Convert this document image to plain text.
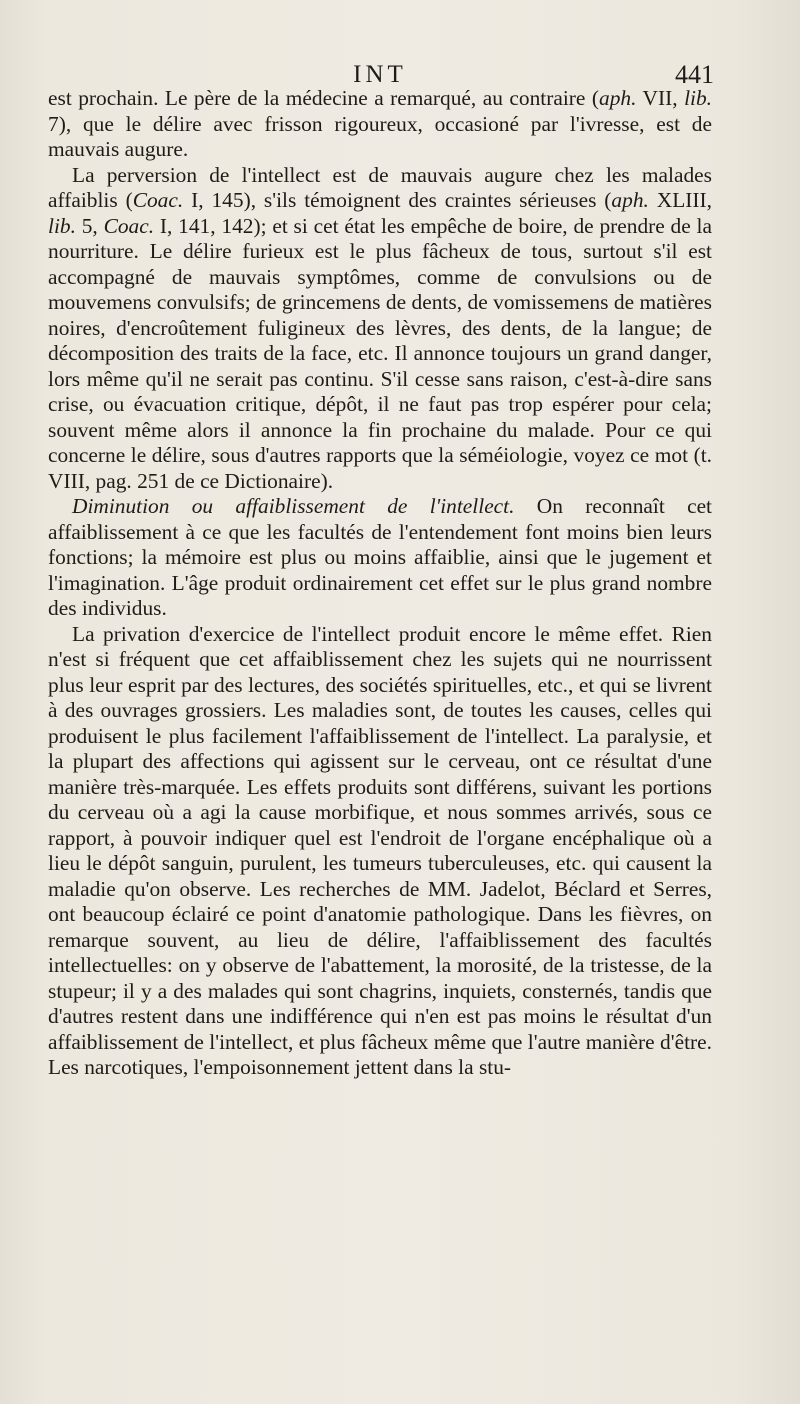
INT	441

est prochain. Le père de la médecine a remarqué, au contraire (aph. VII, lib. 7), que le délire avec frisson rigoureux, occasioné par l'ivresse, est de mauvais augure.

La perversion de l'intellect est de mauvais augure chez les malades affaiblis (Coac. I, 145), s'ils témoignent des craintes sérieuses (aph. XLIII, lib. 5, Coac. I, 141, 142); et si cet état les empêche de boire, de prendre de la nourriture. Le délire furieux est le plus fâcheux de tous, surtout s'il est accompagné de mauvais symptômes, comme de convulsions ou de mouvemens convulsifs; de grincemens de dents, de vomissemens de matières noires, d'encroûtement fuligineux des lèvres, des dents, de la langue; de décomposition des traits de la face, etc. Il annonce toujours un grand danger, lors même qu'il ne serait pas continu. S'il cesse sans raison, c'est-à-dire sans crise, ou évacuation critique, dépôt, il ne faut pas trop espérer pour cela; souvent même alors il annonce la fin prochaine du malade. Pour ce qui concerne le délire, sous d'autres rapports que la séméiologie, voyez ce mot (t. VIII, pag. 251 de ce Dictionaire).

Diminution ou affaiblissement de l'intellect. On reconnaît cet affaiblissement à ce que les facultés de l'entendement font moins bien leurs fonctions; la mémoire est plus ou moins affaiblie, ainsi que le jugement et l'imagination. L'âge produit ordinairement cet effet sur le plus grand nombre des individus.

La privation d'exercice de l'intellect produit encore le même effet. Rien n'est si fréquent que cet affaiblissement chez les sujets qui ne nourrissent plus leur esprit par des lectures, des sociétés spirituelles, etc., et qui se livrent à des ouvrages grossiers. Les maladies sont, de toutes les causes, celles qui produisent le plus facilement l'affaiblissement de l'intellect. La paralysie, et la plupart des affections qui agissent sur le cerveau, ont ce résultat d'une manière très-marquée. Les effets produits sont différens, suivant les portions du cerveau où a agi la cause morbifique, et nous sommes arrivés, sous ce rapport, à pouvoir indiquer quel est l'endroit de l'organe encéphalique où a lieu le dépôt sanguin, purulent, les tumeurs tuberculeuses, etc. qui causent la maladie qu'on observe. Les recherches de MM. Jadelot, Béclard et Serres, ont beaucoup éclairé ce point d'anatomie pathologique. Dans les fièvres, on remarque souvent, au lieu de délire, l'affaiblissement des facultés intellectuelles: on y observe de l'abattement, la morosité, de la tristesse, de la stupeur; il y a des malades qui sont chagrins, inquiets, consternés, tandis que d'autres restent dans une indifférence qui n'en est pas moins le résultat d'un affaiblissement de l'intellect, et plus fâcheux même que l'autre manière d'être. Les narcotiques, l'empoisonnement jettent dans la stu-
